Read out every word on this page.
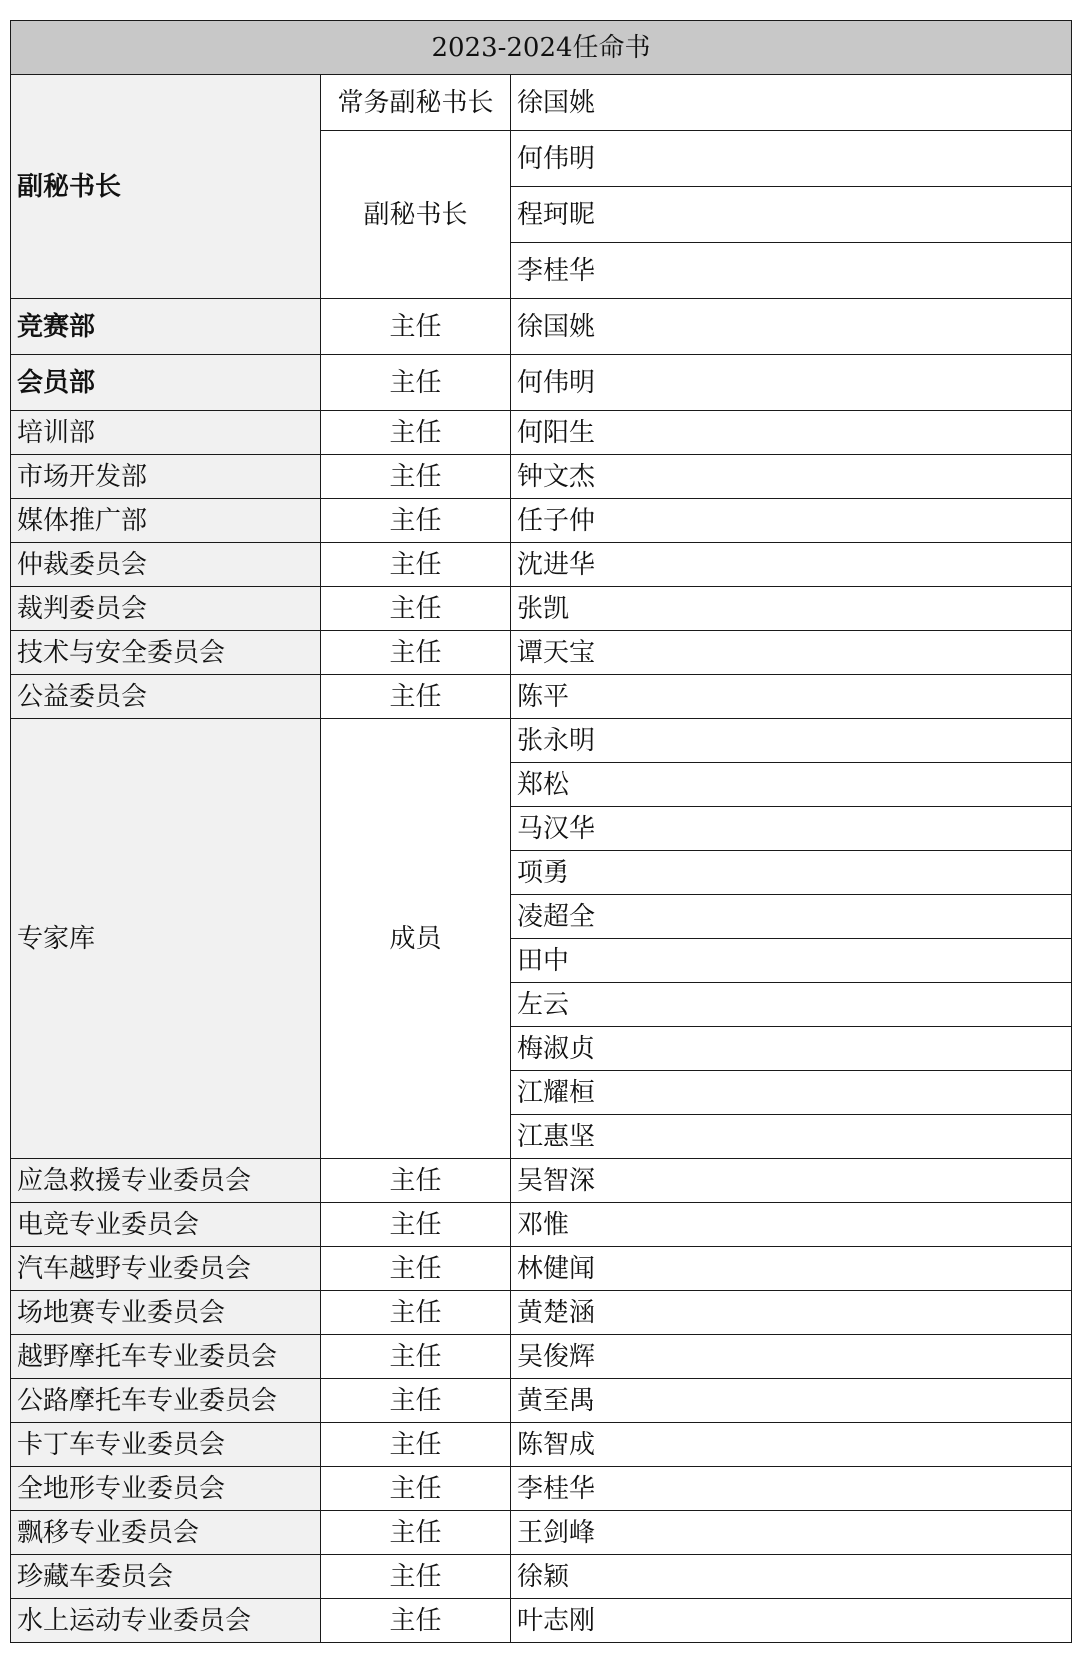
2023-2024任命书		
副秘书长	常务副秘书长	徐国姚
	副秘书长	何伟明
		程珂昵
		李桂华
竞赛部	主任	徐国姚
会员部	主任	何伟明
培训部	主任	何阳生
市场开发部	主任	钟文杰
媒体推广部	主任	任子仲
仲裁委员会	主任	沈进华
裁判委员会	主任	张凯
技术与安全委员会	主任	谭天宝
公益委员会	主任	陈平
专家库	成员	张永明
		郑松
		马汉华
		项勇
		凌超全
		田中
		左云
		梅淑贞
		江耀桓
		江惠坚
应急救援专业委员会	主任	吴智深
电竞专业委员会	主任	邓惟
汽车越野专业委员会	主任	林健闻
场地赛专业委员会	主任	黄楚涵
越野摩托车专业委员会	主任	吴俊辉
公路摩托车专业委员会	主任	黄至禺
卡丁车专业委员会	主任	陈智成
全地形专业委员会	主任	李桂华
飘移专业委员会	主任	王剑峰
珍藏车委员会	主任	徐颖
水上运动专业委员会	主任	叶志刚
